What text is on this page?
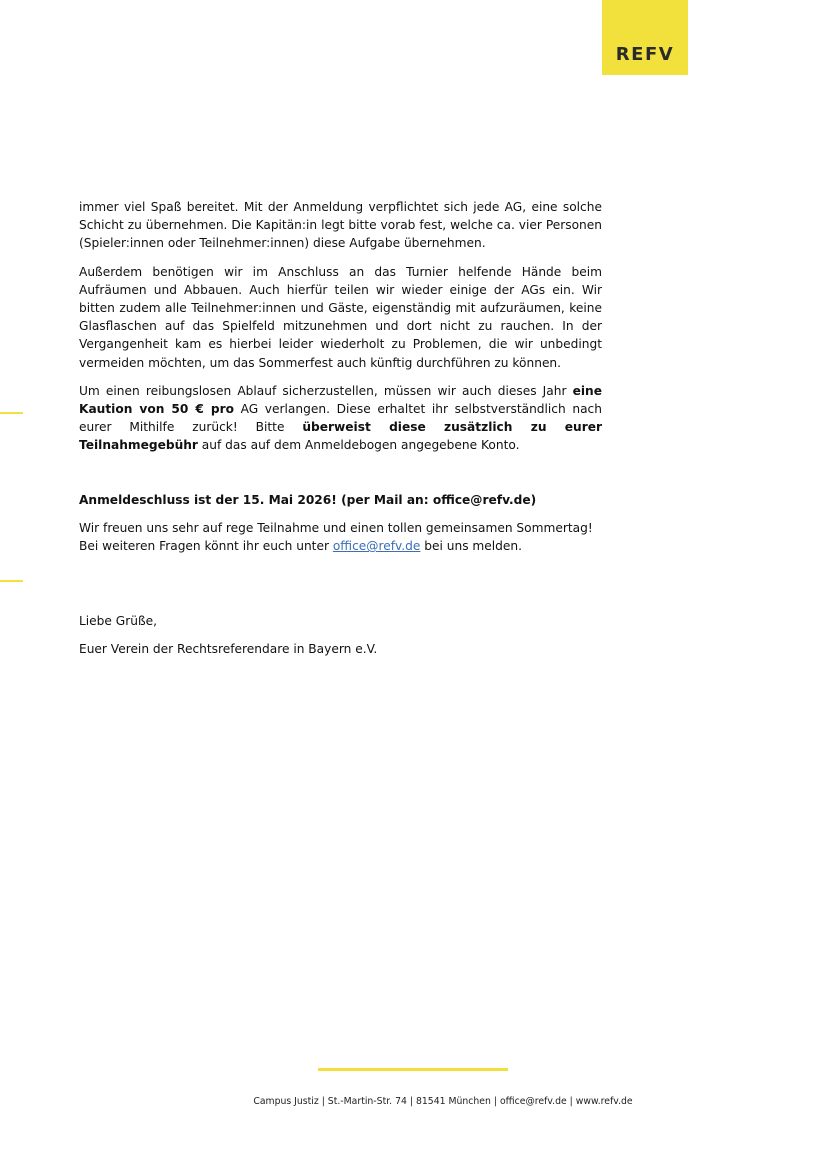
REFV

immer viel Spaß bereitet. Mit der Anmeldung verpflichtet sich jede AG, eine solche Schicht zu übernehmen. Die Kapitän:in legt bitte vorab fest, welche ca. vier Personen (Spieler:innen oder Teilnehmer:innen) diese Aufgabe übernehmen.

Außerdem benötigen wir im Anschluss an das Turnier helfende Hände beim Aufräumen und Abbauen. Auch hierfür teilen wir wieder einige der AGs ein. Wir bitten zudem alle Teilnehmer:innen und Gäste, eigenständig mit aufzuräumen, keine Glasflaschen auf das Spielfeld mitzunehmen und dort nicht zu rauchen. In der Vergangenheit kam es hierbei leider wiederholt zu Problemen, die wir unbedingt vermeiden möchten, um das Sommerfest auch künftig durchführen zu können.

Um einen reibungslosen Ablauf sicherzustellen, müssen wir auch dieses Jahr eine Kaution von 50 € pro AG verlangen. Diese erhaltet ihr selbstverständlich nach eurer Mithilfe zurück! Bitte überweist diese zusätzlich zu eurer Teilnahmegebühr auf das auf dem Anmeldebogen angegebene Konto.

Anmeldeschluss ist der 15. Mai 2026! (per Mail an: office@refv.de)

Wir freuen uns sehr auf rege Teilnahme und einen tollen gemeinsamen Sommertag!
Bei weiteren Fragen könnt ihr euch unter office@refv.de bei uns melden.

Liebe Grüße,

Euer Verein der Rechtsreferendare in Bayern e.V.

Campus Justiz | St.-Martin-Str. 74 | 81541 München | office@refv.de | www.refv.de
